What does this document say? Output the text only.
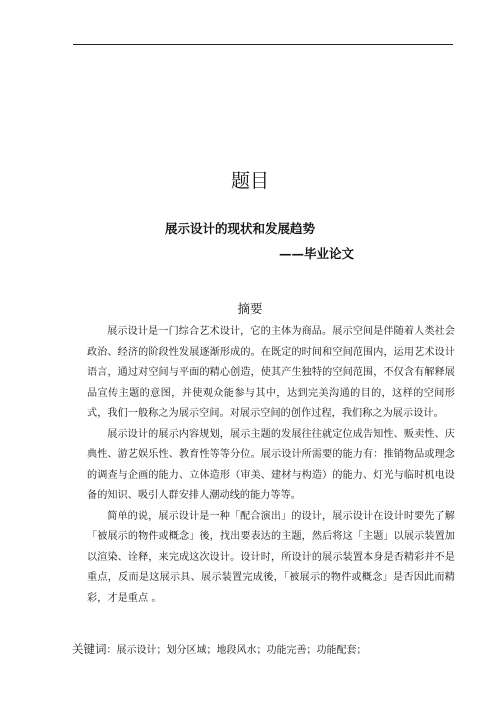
题目
展示设计的现状和发展趋势
——毕业论文
摘要

展示设计是一门综合艺术设计，它的主体为商品。展示空间是伴随着人类社会政治、经济的阶段性发展逐渐形成的。在既定的时间和空间范围内，运用艺术设计语言，通过对空间与平面的精心创造，使其产生独特的空间范围，不仅含有解释展品宣传主题的意图，并使观众能参与其中，达到完美沟通的目的，这样的空间形式，我们一般称之为展示空间。对展示空间的创作过程，我们称之为展示设计。

展示设计的展示内容规划，展示主题的发展往往就定位成告知性、贩卖性、庆典性、游艺娱乐性、教育性等等分位。展示设计所需要的能力有：推销物品或理念的调查与企画的能力、立体造形（审美、建材与构造）的能力、灯光与临时机电设备的知识、吸引人群安排人潮动线的能力等等。

简单的说，展示设计是一种「配合演出」的设计，展示设计在设计时要先了解「被展示的物件或概念」後，找出要表达的主题，然后将这「主题」以展示装置加以渲染、诠释，来完成这次设计。设计时，所设计的展示装置本身是否精彩并不是重点，反而是这展示具、展示装置完成後，「被展示的物件或概念」是否因此而精彩，才是重点 。

关键词：展示设计；划分区域；地段风水；功能完善；功能配套；
